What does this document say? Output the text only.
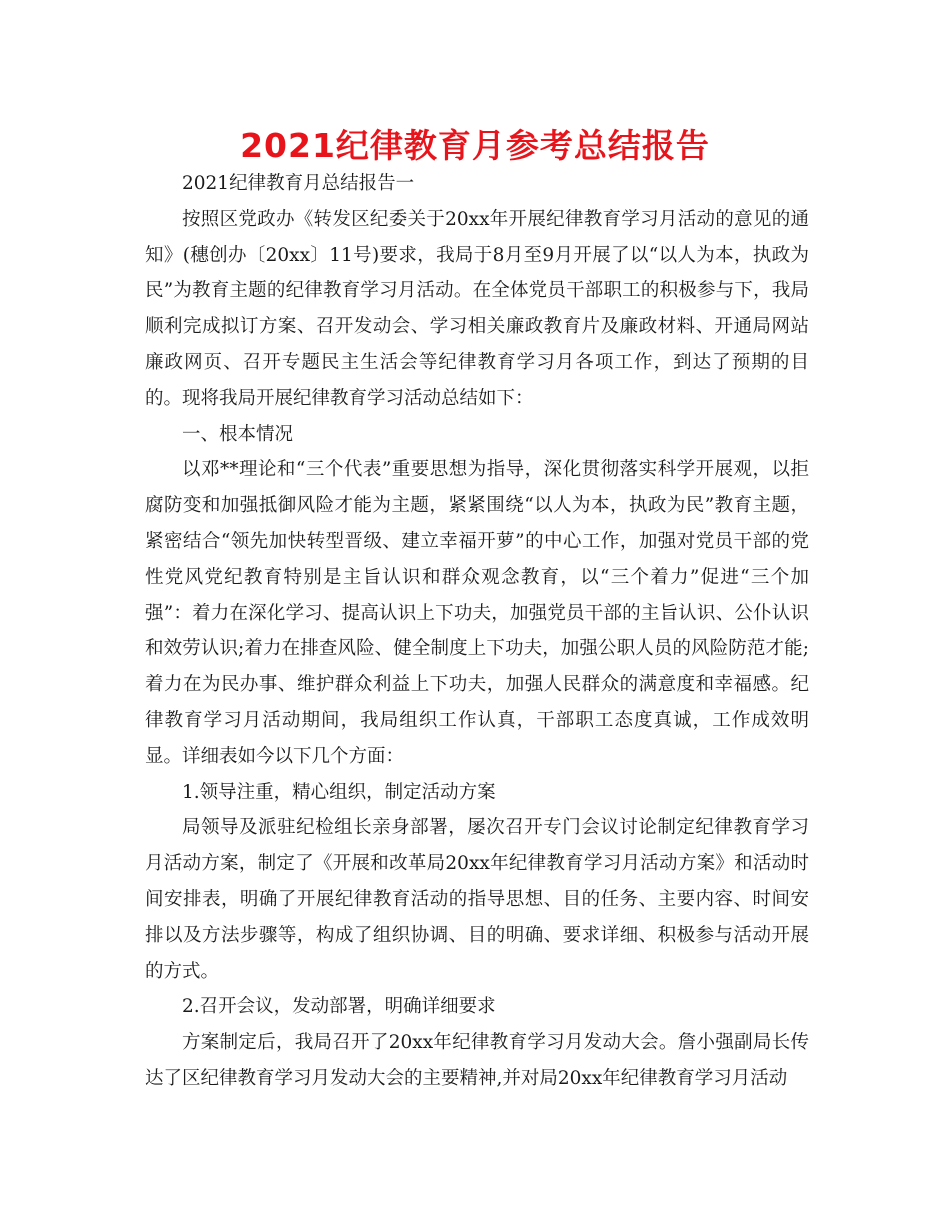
2021纪律教育月参考总结报告

2021纪律教育月总结报告一

按照区党政办《转发区纪委关于20xx年开展纪律教育学习月活动的意见的通知》(穗创办〔20xx〕11号)要求，我局于8月至9月开展了以“以人为本，执政为民”为教育主题的纪律教育学习月活动。在全体党员干部职工的积极参与下，我局顺利完成拟订方案、召开发动会、学习相关廉政教育片及廉政材料、开通局网站廉政网页、召开专题民主生活会等纪律教育学习月各项工作，到达了预期的目的。现将我局开展纪律教育学习活动总结如下：

一、根本情况

以邓**理论和“三个代表”重要思想为指导，深化贯彻落实科学开展观，以拒腐防变和加强抵御风险才能为主题，紧紧围绕“以人为本，执政为民”教育主题，紧密结合“领先加快转型晋级、建立幸福开萝”的中心工作，加强对党员干部的党性党风党纪教育特别是主旨认识和群众观念教育，以“三个着力”促进“三个加强”：着力在深化学习、提高认识上下功夫，加强党员干部的主旨认识、公仆认识和效劳认识;着力在排查风险、健全制度上下功夫，加强公职人员的风险防范才能;着力在为民办事、维护群众利益上下功夫，加强人民群众的满意度和幸福感。纪律教育学习月活动期间，我局组织工作认真，干部职工态度真诚，工作成效明显。详细表如今以下几个方面：

1.领导注重，精心组织，制定活动方案

局领导及派驻纪检组长亲身部署，屡次召开专门会议讨论制定纪律教育学习月活动方案，制定了《开展和改革局20xx年纪律教育学习月活动方案》和活动时间安排表，明确了开展纪律教育活动的指导思想、目的任务、主要内容、时间安排以及方法步骤等，构成了组织协调、目的明确、要求详细、积极参与活动开展的方式。

2.召开会议，发动部署，明确详细要求

方案制定后，我局召开了20xx年纪律教育学习月发动大会。詹小强副局长传达了区纪律教育学习月发动大会的主要精神,并对局20xx年纪律教育学习月活动
